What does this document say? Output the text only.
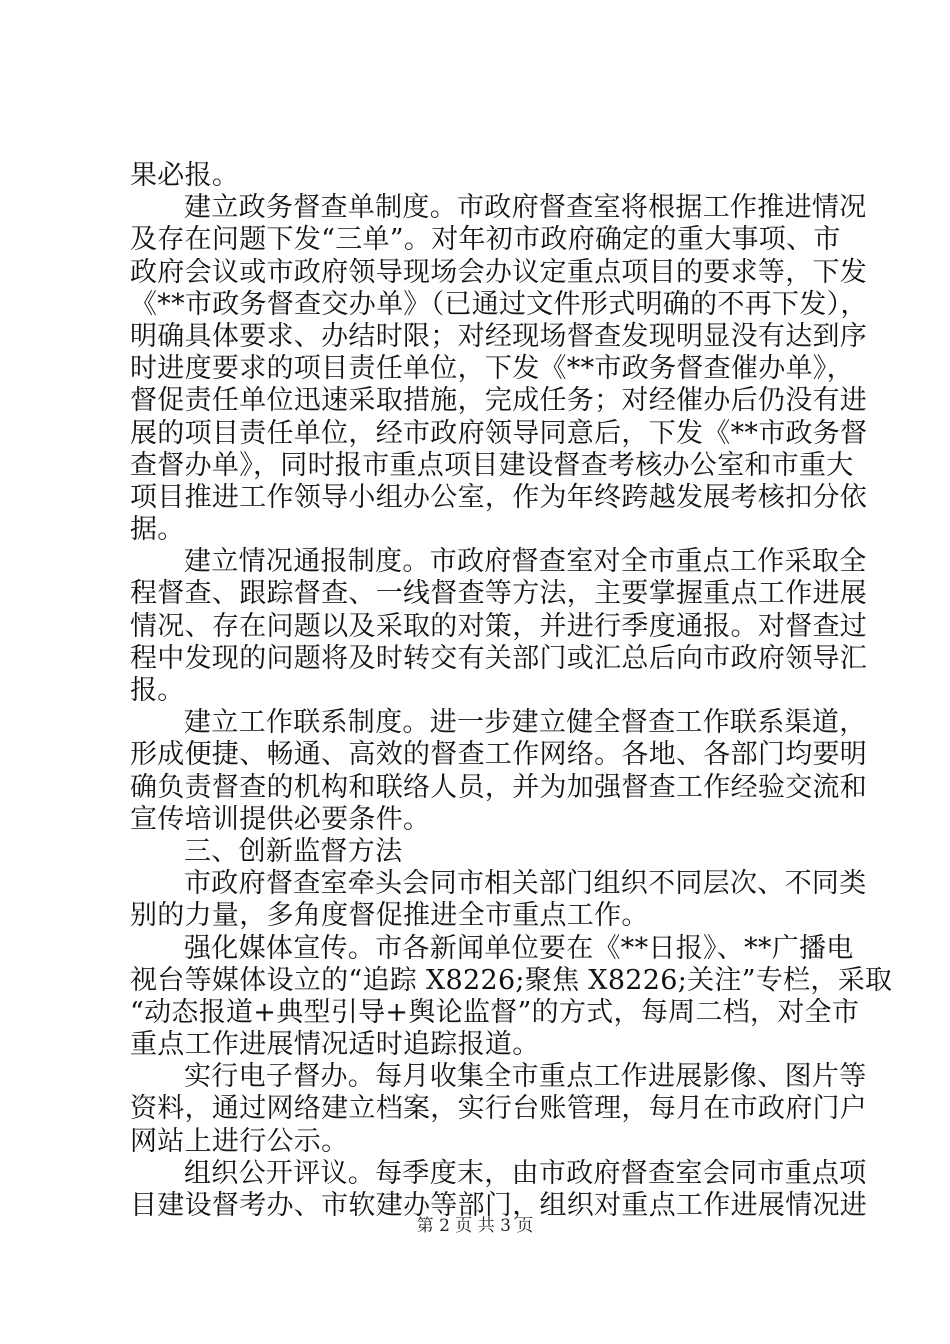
果必报。
建立政务督查单制度。市政府督查室将根据工作推进情况
及存在问题下发“三单”。对年初市政府确定的重大事项、市
政府会议或市政府领导现场会办议定重点项目的要求等，下发
《**市政务督查交办单》（已通过文件形式明确的不再下发），
明确具体要求、办结时限；对经现场督查发现明显没有达到序
时进度要求的项目责任单位，下发《**市政务督查催办单》，
督促责任单位迅速采取措施，完成任务；对经催办后仍没有进
展的项目责任单位，经市政府领导同意后，下发《**市政务督
查督办单》，同时报市重点项目建设督查考核办公室和市重大
项目推进工作领导小组办公室，作为年终跨越发展考核扣分依
据。
建立情况通报制度。市政府督查室对全市重点工作采取全
程督查、跟踪督查、一线督查等方法，主要掌握重点工作进展
情况、存在问题以及采取的对策，并进行季度通报。对督查过
程中发现的问题将及时转交有关部门或汇总后向市政府领导汇
报。
建立工作联系制度。进一步建立健全督查工作联系渠道，
形成便捷、畅通、高效的督查工作网络。各地、各部门均要明
确负责督查的机构和联络人员，并为加强督查工作经验交流和
宣传培训提供必要条件。
三、创新监督方法
市政府督查室牵头会同市相关部门组织不同层次、不同类
别的力量，多角度督促推进全市重点工作。
强化媒体宣传。市各新闻单位要在《**日报》、**广播电
视台等媒体设立的“追踪 X8226;聚焦 X8226;关注”专栏，采取
“动态报道+典型引导+舆论监督”的方式，每周二档，对全市
重点工作进展情况适时追踪报道。
实行电子督办。每月收集全市重点工作进展影像、图片等
资料，通过网络建立档案，实行台账管理，每月在市政府门户
网站上进行公示。
组织公开评议。每季度末，由市政府督查室会同市重点项
目建设督考办、市软建办等部门，组织对重点工作进展情况进
第 2 页 共 3 页
